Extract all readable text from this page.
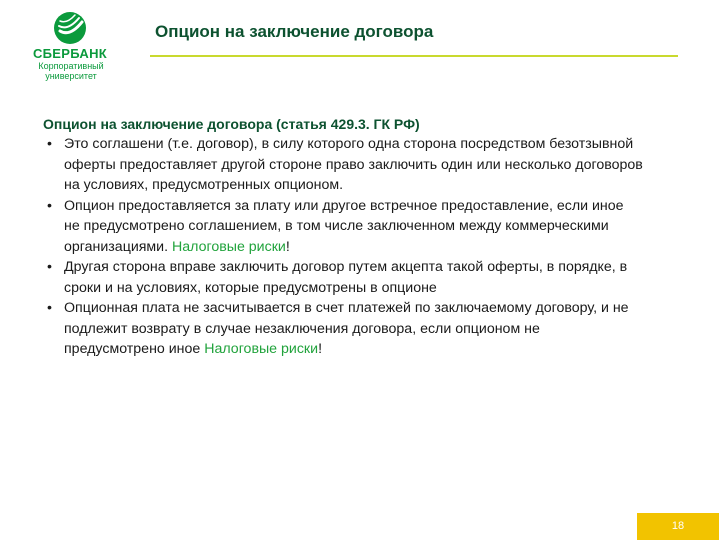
СБЕРБАНК
Корпоративный
университет
Опцион на заключение договора

Опцион на заключение договора (статья 429.3. ГК РФ)

• Это соглашени (т.е. договор), в силу которого одна сторона посредством безотзывной оферты предоставляет другой стороне право заключить один или несколько договоров на условиях, предусмотренных опционом.
• Опцион предоставляется за плату или другое встречное предоставление, если иное не предусмотрено соглашением, в том числе заключенном между коммерческими организациями. Налоговые риски!
• Другая сторона вправе заключить договор путем акцепта такой оферты, в порядке, в сроки и на условиях, которые предусмотрены в опционе
• Опционная плата не засчитывается в счет платежей по заключаемому договору, и не подлежит возврату в случае незаключения договора, если опционом не предусмотрено иное Налоговые риски!
18
